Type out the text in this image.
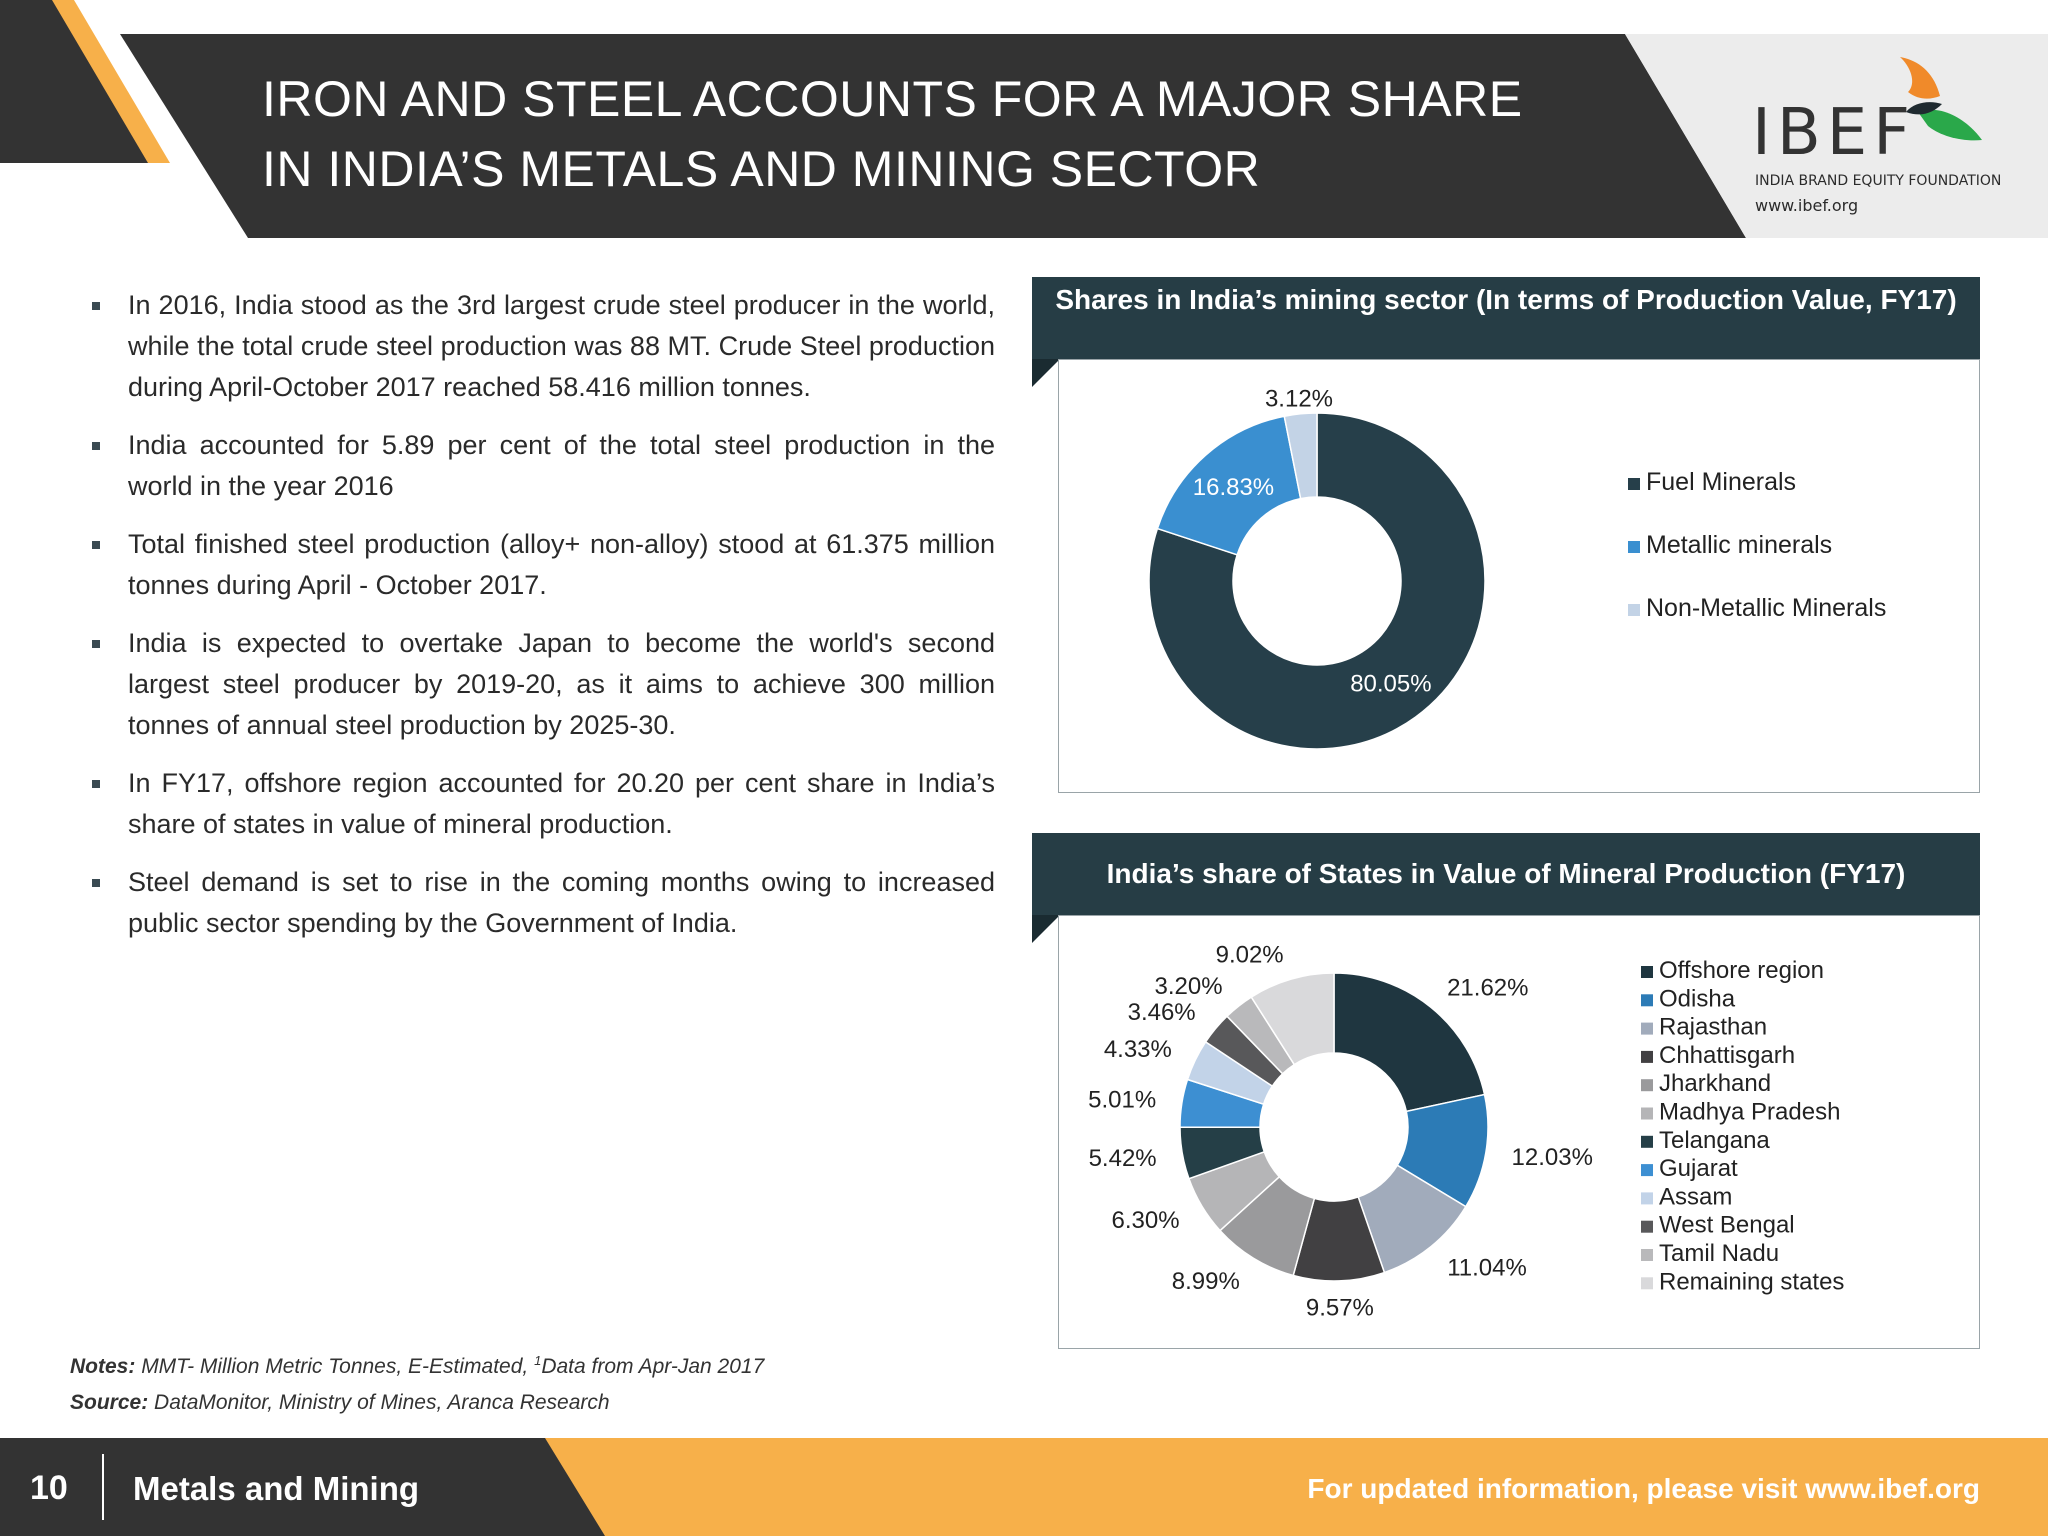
IRON AND STEEL ACCOUNTS FOR A MAJOR SHARE
IN INDIA’S METALS AND MINING SECTOR	IBEF
INDIA BRAND EQUITY FOUNDATION
www.ibef.org
In 2016, India stood as the 3rd largest crude steel producer in the world, while the total crude steel production was 88 MT. Crude Steel production during April-October 2017 reached 58.416 million tonnes.
India accounted for 5.89 per cent of the total steel production in the world in the year 2016
Total finished steel production (alloy+ non-alloy) stood at 61.375 million tonnes during April - October 2017.
India is expected to overtake Japan to become the world's second largest steel producer by 2019-20, as it aims to achieve 300 million tonnes of annual steel production by 2025-30.
In FY17, offshore region accounted for 20.20 per cent share in India’s share of states in value of mineral production.
Steel demand is set to rise in the coming months owing to increased public sector spending by the Government of India.
Shares in India’s mining sector (In terms of Production Value, FY17)
80.05%
16.83%
3.12%
Fuel Minerals
Metallic minerals
Non-Metallic Minerals
India’s share of States in Value of Mineral Production (FY17)
21.62%
12.03%
11.04%
9.57%
8.99%
6.30%
5.42%
5.01%
4.33%
3.46%
3.20%
9.02%
Offshore region
Odisha
Rajasthan
Chhattisgarh
Jharkhand
Madhya Pradesh
Telangana
Gujarat
Assam
West Bengal
Tamil Nadu
Remaining states
Notes: MMT- Million Metric Tonnes, E-Estimated, $^1$Data from Apr-Jan 2017
Source: DataMonitor, Ministry of Mines, Aranca Research
10 Metals and Mining	For updated information, please visit www.ibef.org
